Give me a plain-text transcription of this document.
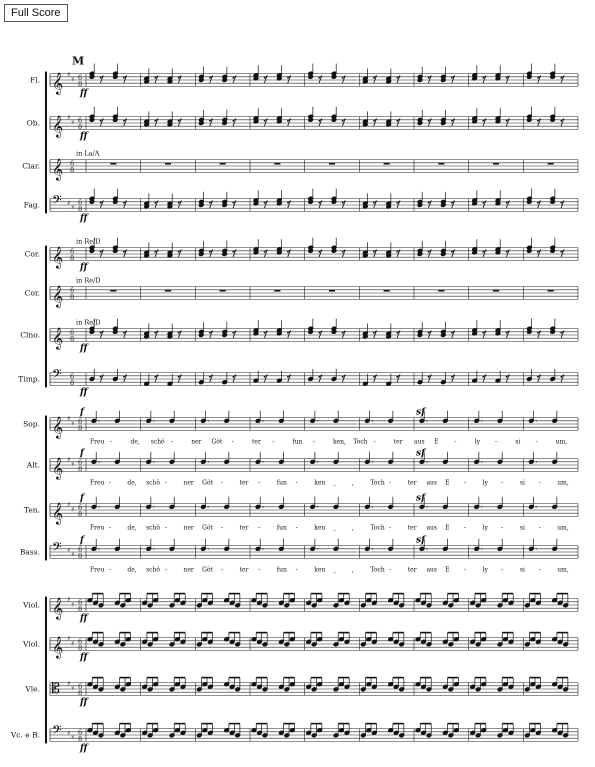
Full Score
𝄞 ♯
♯ 6
8
𝄞 ♯
♯ 6
8
𝄞 6
8
𝄢 ♯
♯
6
8
𝄞 6
8
𝄞 6
8
𝄞 6
8
𝄢 6
8
𝄞 ♯
♯ 6
8
𝄞 ♯
♯ 6
8
𝄞 ♯
♯ 6
8
𝄢 ♯
♯
6
8
𝄞 ♯
♯ 6
8
𝄞 ♯
♯ 6
8
𝄡 ♯
♯ 6
8
𝄢 ♯
♯
6
8
Fl.
ff
Ob.
ff
Clar.
in La/A
Fag.
ff
Cor.
in Re/D
ff
Cor.
in Re/D
Clno.
in Re/D
ff
Timp.
ff
Sop.
f
Alt.
f
Ten.
f
Bass.
f
Viol.
ff
Viol.
ff
Vle.
ff
Vc. e B.
ff
M
Freu -	de, schö -	ner Göt -	ter -	fun -	ken, Toch -	ter aus E	-	ly -	si	-	um,
sf
Freu -	de, schö -	ner Göt -	ter -	fun -	ken _	,	Toch -	ter aus E -	ly -	si -	um,
sf
Freu -	de, schö -	ner Göt -	ter -	fun -	ken _	,	Toch -	ter aus E -	ly -	si -	um,
sf
Freu -	de, schö -	ner Göt -	ter -	fun -	ken _	,	Toch -	ter aus E -	ly -	si -	um,
sf
